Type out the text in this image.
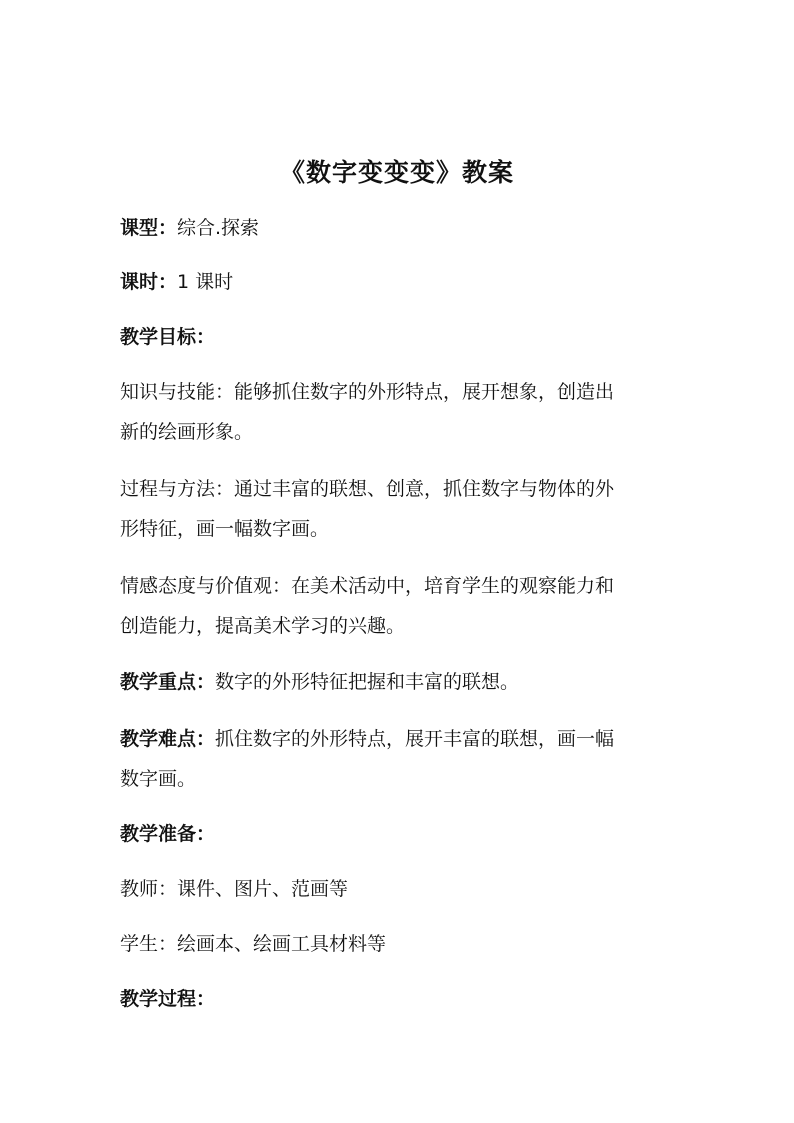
《数字变变变》教案
课型：综合.探索
课时：1 课时
教学目标：
知识与技能：能够抓住数字的外形特点，展开想象，创造出
新的绘画形象。
过程与方法：通过丰富的联想、创意，抓住数字与物体的外
形特征，画一幅数字画。
情感态度与价值观：在美术活动中，培育学生的观察能力和
创造能力，提高美术学习的兴趣。
教学重点：数字的外形特征把握和丰富的联想。
教学难点：抓住数字的外形特点，展开丰富的联想，画一幅
数字画。
教学准备：
教师：课件、图片、范画等
学生：绘画本、绘画工具材料等
教学过程：
